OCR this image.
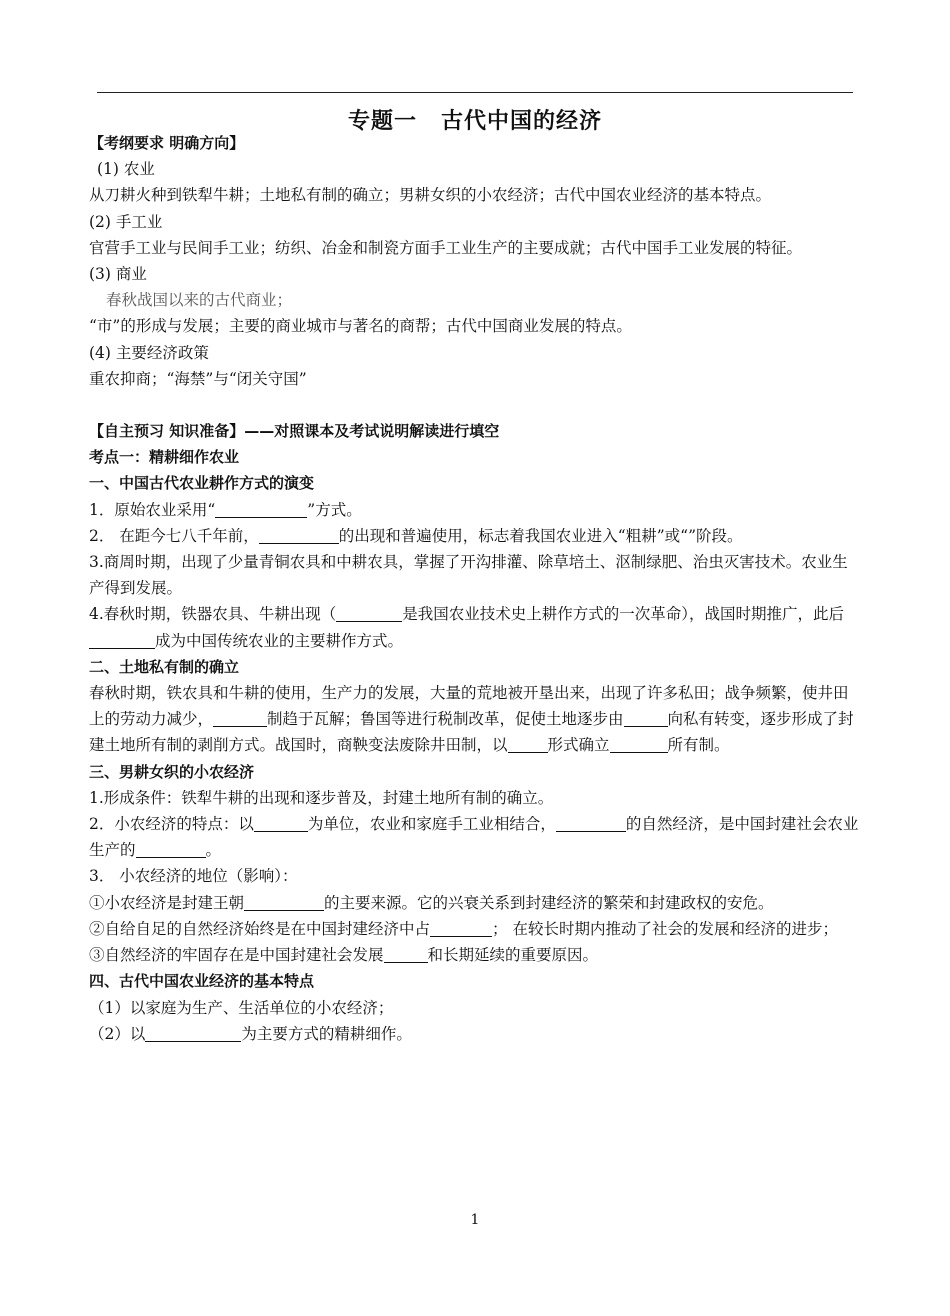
专题一 古代中国的经济
【考纲要求 明确方向】
(1) 农业
从刀耕火种到铁犁牛耕；土地私有制的确立；男耕女织的小农经济；古代中国农业经济的基本特点。
(2) 手工业
官营手工业与民间手工业；纺织、冶金和制瓷方面手工业生产的主要成就；古代中国手工业发展的特征。
(3) 商业
春秋战国以来的古代商业；
“市”的形成与发展；主要的商业城市与著名的商帮；古代中国商业发展的特点。
(4) 主要经济政策
重农抑商；“海禁”与“闭关守国”
【自主预习 知识准备】——对照课本及考试说明解读进行填空
考点一：精耕细作农业
一、中国古代农业耕作方式的演变
1．原始农业采用“	”方式。
2． 在距今七八千年前，	的出现和普遍使用，标志着我国农业进入“粗耕”或“”阶段。
3.商周时期，出现了少量青铜农具和中耕农具，掌握了开沟排灌、除草培土、沤制绿肥、治虫灭害技术。农业生产得到发展。
4.春秋时期，铁器农具、牛耕出现（	是我国农业技术史上耕作方式的一次革命），战国时期推广，此后成为中国传统农业的主要耕作方式。
二、土地私有制的确立
春秋时期，铁农具和牛耕的使用，生产力的发展，大量的荒地被开垦出来，出现了许多私田；战争频繁，使井田上的劳动力减少，	制趋于瓦解；鲁国等进行税制改革，促使土地逐步由	向私有转变，逐步形成了封建土地所有制的剥削方式。战国时，商鞅变法废除井田制，以	形式确立	所有制。
三、男耕女织的小农经济
1.形成条件：铁犁牛耕的出现和逐步普及，封建土地所有制的确立。
2．小农经济的特点：以	为单位，农业和家庭手工业相结合，	的自然经济，是中国封建社会农业生产的	。
3． 小农经济的地位（影响）：
①小农经济是封建王朝	的主要来源。它的兴衰关系到封建经济的繁荣和封建政权的安危。
②自给自足的自然经济始终是在中国封建经济中占	； 在较长时期内推动了社会的发展和经济的进步；
③自然经济的牢固存在是中国封建社会发展	和长期延续的重要原因。
四、古代中国农业经济的基本特点
（1）以家庭为生产、生活单位的小农经济；
（2）以	为主要方式的精耕细作。
1
